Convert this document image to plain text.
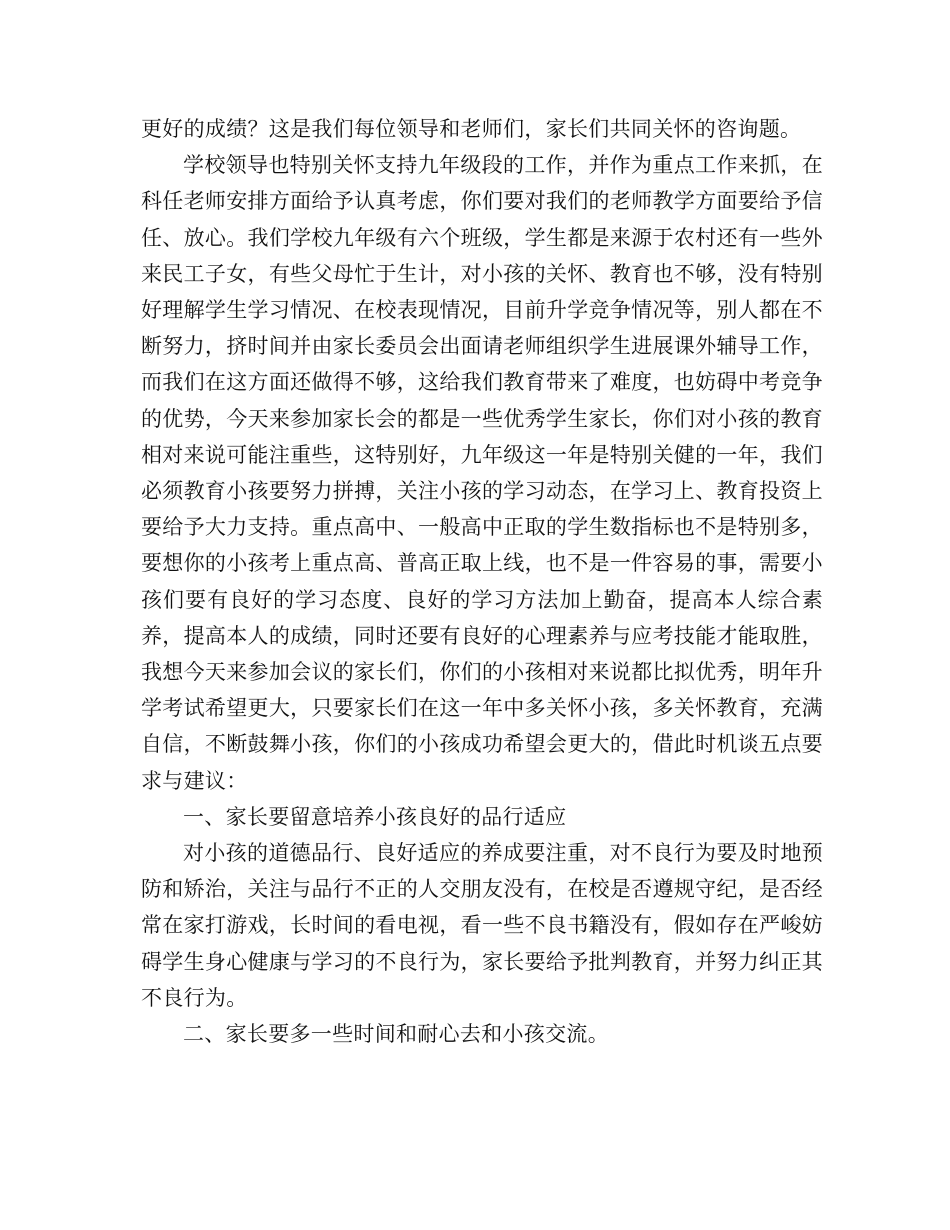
更好的成绩？这是我们每位领导和老师们，家长们共同关怀的咨询题。

学校领导也特别关怀支持九年级段的工作，并作为重点工作来抓，在科任老师安排方面给予认真考虑，你们要对我们的老师教学方面要给予信任、放心。我们学校九年级有六个班级，学生都是来源于农村还有一些外来民工子女，有些父母忙于生计，对小孩的关怀、教育也不够，没有特别好理解学生学习情况、在校表现情况，目前升学竞争情况等，别人都在不断努力，挤时间并由家长委员会出面请老师组织学生进展课外辅导工作，而我们在这方面还做得不够，这给我们教育带来了难度，也妨碍中考竞争的优势，今天来参加家长会的都是一些优秀学生家长，你们对小孩的教育相对来说可能注重些，这特别好，九年级这一年是特别关健的一年，我们必须教育小孩要努力拼搏，关注小孩的学习动态，在学习上、教育投资上要给予大力支持。重点高中、一般高中正取的学生数指标也不是特别多，要想你的小孩考上重点高、普高正取上线，也不是一件容易的事，需要小孩们要有良好的学习态度、良好的学习方法加上勤奋，提高本人综合素养，提高本人的成绩，同时还要有良好的心理素养与应考技能才能取胜，我想今天来参加会议的家长们，你们的小孩相对来说都比拟优秀，明年升学考试希望更大，只要家长们在这一年中多关怀小孩，多关怀教育，充满自信，不断鼓舞小孩，你们的小孩成功希望会更大的，借此时机谈五点要求与建议：

一、家长要留意培养小孩良好的品行适应

对小孩的道德品行、良好适应的养成要注重，对不良行为要及时地预防和矫治，关注与品行不正的人交朋友没有，在校是否遵规守纪，是否经常在家打游戏，长时间的看电视，看一些不良书籍没有，假如存在严峻妨碍学生身心健康与学习的不良行为，家长要给予批判教育，并努力纠正其不良行为。

二、家长要多一些时间和耐心去和小孩交流。
